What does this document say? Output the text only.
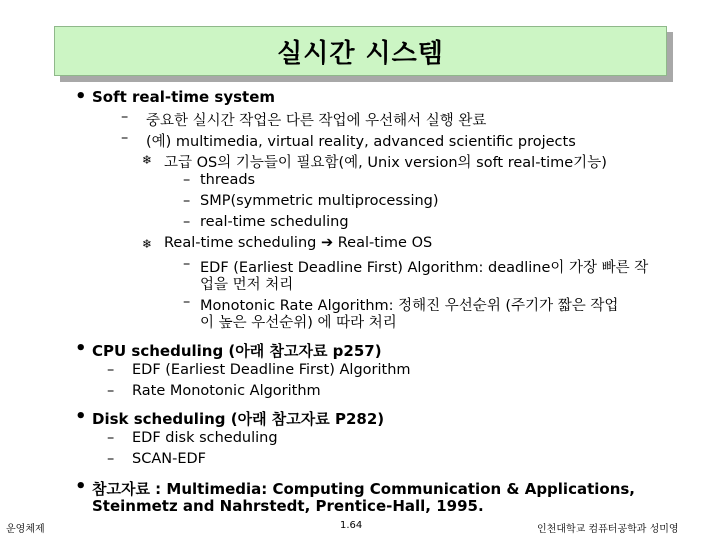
실시간 시스템
• Soft real-time system
– 중요한 실시간 작업은 다른 작업에 우선해서 실행 완료
– (예) multimedia, virtual reality, advanced scientific projects
❄ 고급 OS의 기능들이 필요함(예, Unix version의 soft real-time기능)
– threads
– SMP(symmetric multiprocessing)
– real-time scheduling
❄ Real-time scheduling ➔ Real-time OS
– EDF (Earliest Deadline First) Algorithm: deadline이 가장 빠른 작
업을 먼저 처리
– Monotonic Rate Algorithm: 정해진 우선순위 (주기가 짧은 작업
이 높은 우선순위) 에 따라 처리
• CPU scheduling (아래 참고자료 p257)
– EDF (Earliest Deadline First) Algorithm
– Rate Monotonic Algorithm
• Disk scheduling (아래 참고자료 P282)
– EDF disk scheduling
– SCAN-EDF
• 참고자료 : Multimedia: Computing Communication & Applications,
Steinmetz and Nahrstedt, Prentice-Hall, 1995.
운영체제	1.64	인천대학교 컴퓨터공학과 성미영
